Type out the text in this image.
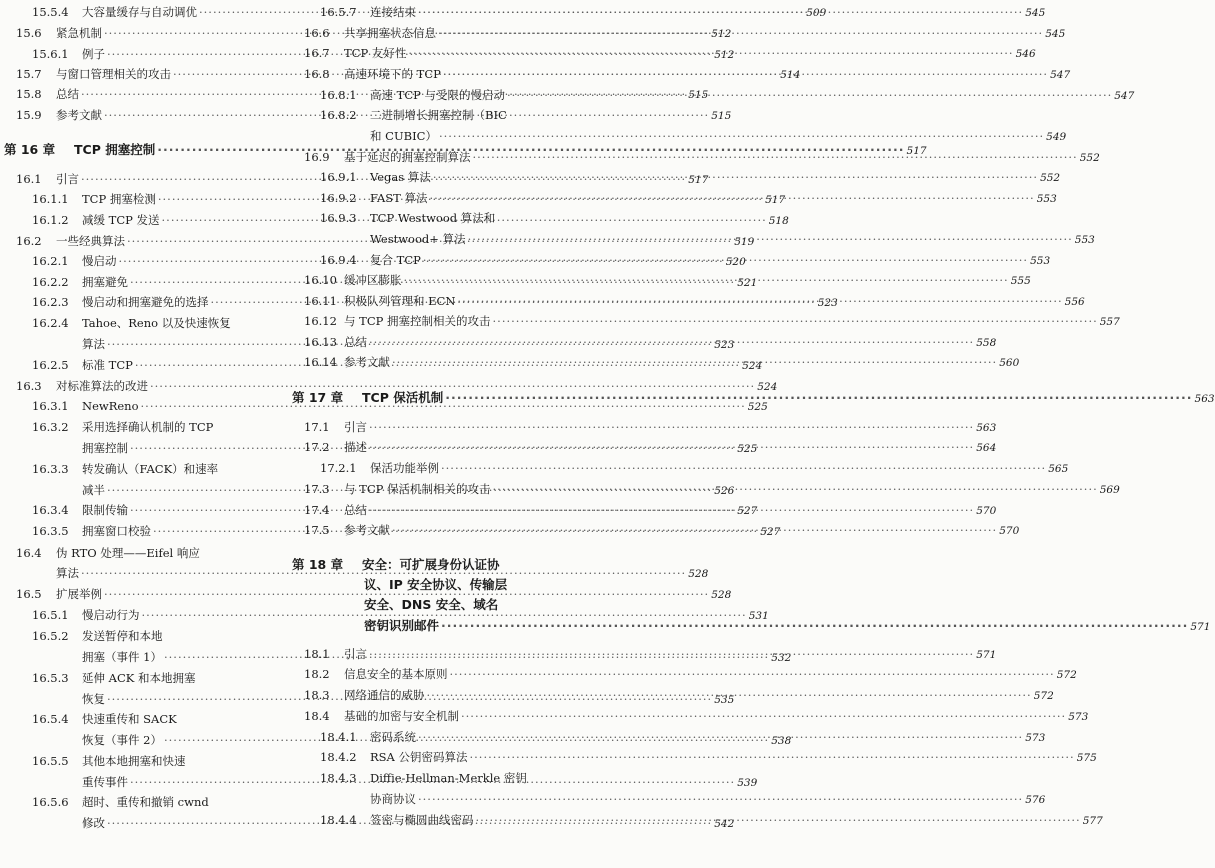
15.5.4 大容量缓存与自动调优 ·····	509
15.6 紧急机制 ·····	512
15.6.1 例子 ·····	512
15.7 与窗口管理相关的攻击 ·····	514
15.8 总结 ·····	515
15.9 参考文献 ·····	515
第 16 章 TCP 拥塞控制 ·····	517
16.1 引言 ·····	517
16.1.1 TCP 拥塞检测 ·····	517
16.1.2 减缓 TCP 发送 ·····	518
16.2 一些经典算法 ·····	519
16.2.1 慢启动 ·····	520
16.2.2 拥塞避免 ·····	521
16.2.3 慢启动和拥塞避免的选择 ·····	523
16.2.4 Tahoe、Reno 以及快速恢复
算法 ·····	523
16.2.5 标准 TCP ·····	524
16.3 对标准算法的改进 ·····	524
16.3.1 NewReno ·····	525
16.3.2 采用选择确认机制的 TCP
拥塞控制 ·····	525
16.3.3 转发确认（FACK）和速率
减半 ·····	526
16.3.4 限制传输 ·····	527
16.3.5 拥塞窗口校验 ·····	527
16.4 伪 RTO 处理——Eifel 响应
算法 ·····	528
16.5 扩展举例 ·····	528
16.5.1 慢启动行为 ·····	531
16.5.2 发送暂停和本地
拥塞（事件 1） ·····	532
16.5.3 延伸 ACK 和本地拥塞
恢复 ·····	535
16.5.4 快速重传和 SACK
恢复（事件 2） ·····	538
16.5.5 其他本地拥塞和快速
重传事件 ·····	539
16.5.6 超时、重传和撤销 cwnd
修改 ·····	542
16.5.7 连接结束 ·····	545
16.6 共享拥塞状态信息 ·····	545
16.7 TCP 友好性 ·····	546
16.8 高速环境下的 TCP ·····	547
16.8.1 高速 TCP 与受限的慢启动 ·····	547
16.8.2 二进制增长拥塞控制（BIC
和 CUBIC） ·····	549
16.9 基于延迟的拥塞控制算法 ·····	552
16.9.1 Vegas 算法 ·····	552
16.9.2 FAST 算法 ·····	553
16.9.3 TCP Westwood 算法和
Westwood+ 算法 ·····	553
16.9.4 复合 TCP ·····	553
16.10 缓冲区膨胀 ·····	555
16.11 积极队列管理和 ECN ·····	556
16.12 与 TCP 拥塞控制相关的攻击 ·····	557
16.13 总结 ·····	558
16.14 参考文献 ·····	560
第 17 章 TCP 保活机制 ·····	563
17.1 引言 ·····	563
17.2 描述 ·····	564
17.2.1 保活功能举例 ·····	565
17.3 与 TCP 保活机制相关的攻击 ·····	569
17.4 总结 ·····	570
17.5 参考文献 ·····	570
第 18 章 安全：可扩展身份认证协
议、IP 安全协议、传输层
安全、DNS 安全、域名
密钥识别邮件 ·····	571
18.1 引言 ·····	571
18.2 信息安全的基本原则 ·····	572
18.3 网络通信的威胁 ·····	572
18.4 基础的加密与安全机制 ·····	573
18.4.1 密码系统 ·····	573
18.4.2 RSA 公钥密码算法 ·····	575
18.4.3 Diffie-Hellman-Merkle 密钥
协商协议 ·····	576
18.4.4 签密与椭圆曲线密码 ·····	577
